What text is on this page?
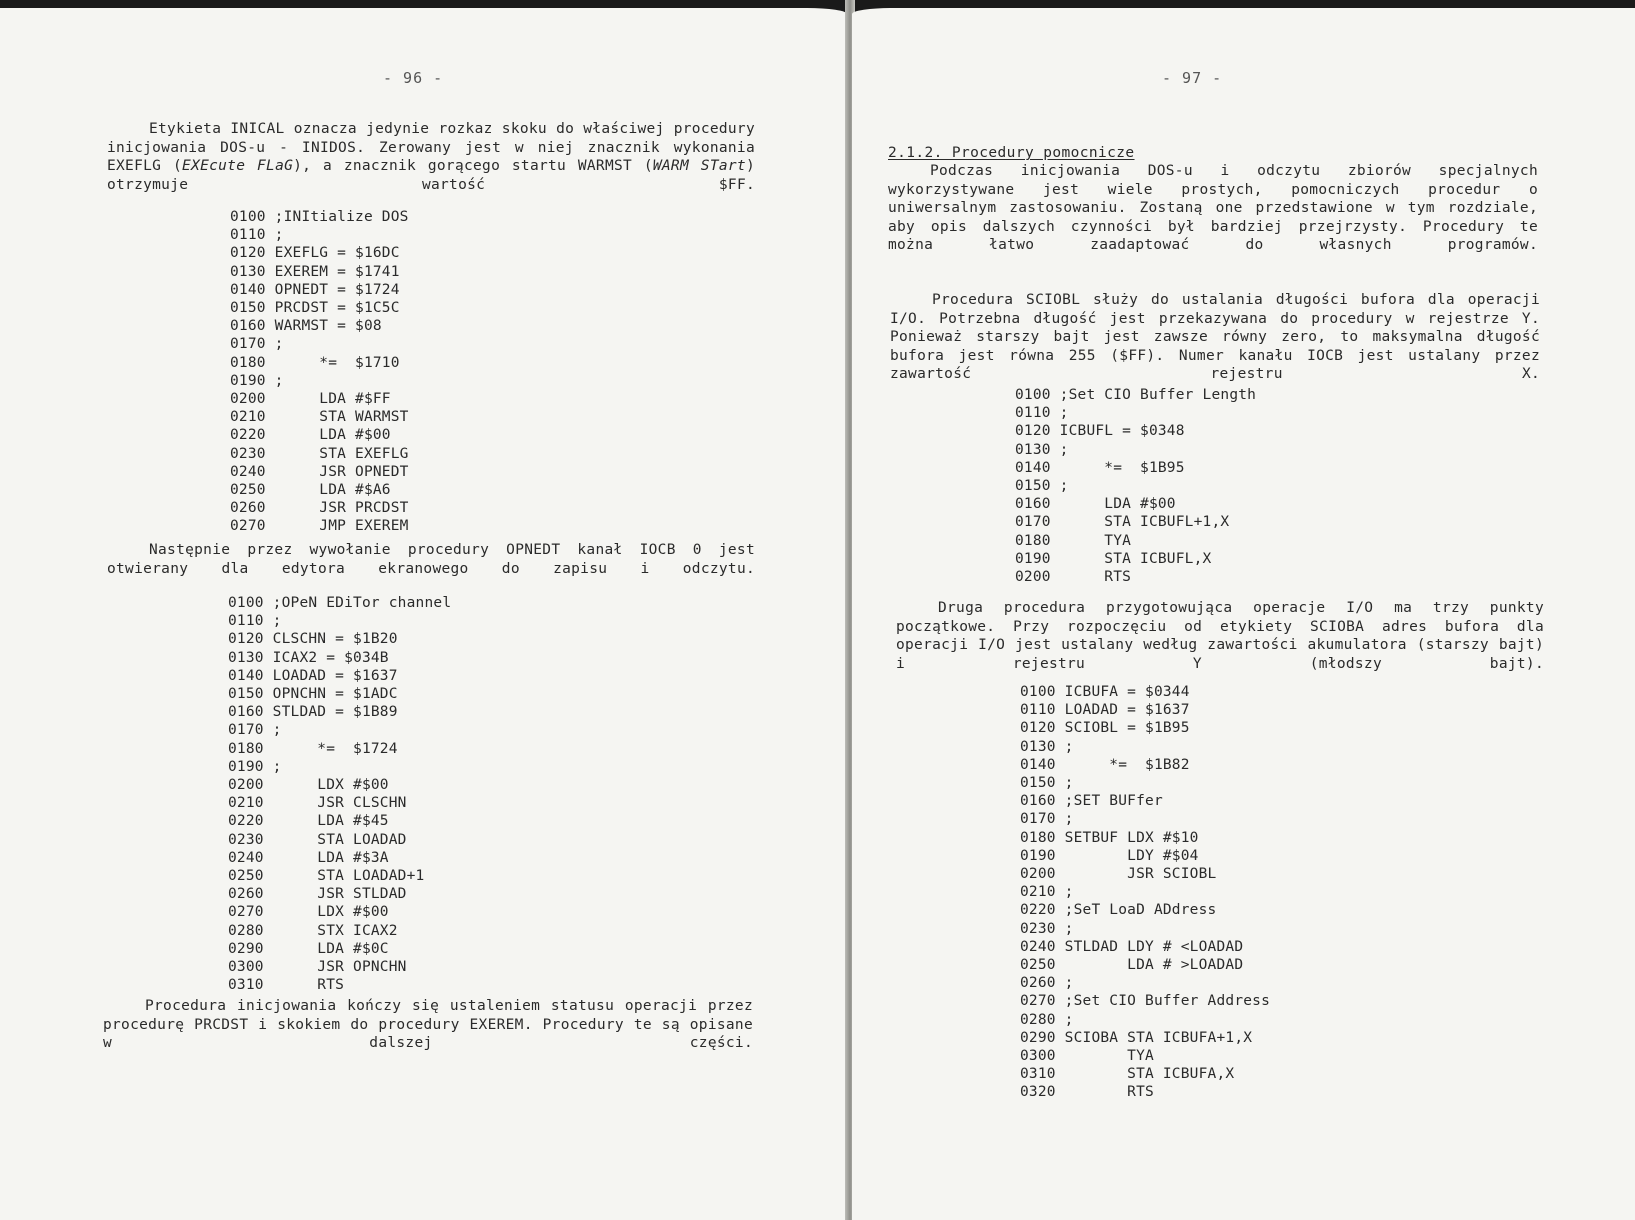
- 96 -

Etykieta INICAL oznacza jedynie rozkaz skoku do właściwej procedury inicjowania DOS-u - INIDOS. Zerowany jest w niej znacznik wykonania EXEFLG (EXEcute FLaG), a znacznik gorącego startu WARMST (WARM STart) otrzymuje wartość $FF.

0100 ;INItialize DOS
0110 ;
0120 EXEFLG = $16DC
0130 EXEREM = $1741
0140 OPNEDT = $1724
0150 PRCDST = $1C5C
0160 WARMST = $08
0170 ;
0180      *=  $1710
0190 ;
0200      LDA #$FF
0210      STA WARMST
0220      LDA #$00
0230      STA EXEFLG
0240      JSR OPNEDT
0250      LDA #$A6
0260      JSR PRCDST
0270      JMP EXEREM

Następnie przez wywołanie procedury OPNEDT kanał IOCB 0 jest otwierany dla edytora ekranowego do zapisu i odczytu.

0100 ;OPeN EDiTor channel
0110 ;
0120 CLSCHN = $1B20
0130 ICAX2 = $034B
0140 LOADAD = $1637
0150 OPNCHN = $1ADC
0160 STLDAD = $1B89
0170 ;
0180      *=  $1724
0190 ;
0200      LDX #$00
0210      JSR CLSCHN
0220      LDA #$45
0230      STA LOADAD
0240      LDA #$3A
0250      STA LOADAD+1
0260      JSR STLDAD
0270      LDX #$00
0280      STX ICAX2
0290      LDA #$0C
0300      JSR OPNCHN
0310      RTS

Procedura inicjowania kończy się ustaleniem statusu operacji przez procedurę PRCDST i skokiem do procedury EXEREM. Procedury te są opisane w dalszej części.

- 97 -
2.1.2. Procedury pomocnicze

Podczas inicjowania DOS-u i odczytu zbiorów specjalnych wykorzystywane jest wiele prostych, pomocniczych procedur o uniwersalnym zastosowaniu. Zostaną one przedstawione w tym rozdziale, aby opis dalszych czynności był bardziej przejrzysty. Procedury te można łatwo zaadaptować do własnych programów.

Procedura SCIOBL służy do ustalania długości bufora dla operacji I/O. Potrzebna długość jest przekazywana do procedury w rejestrze Y. Ponieważ starszy bajt jest zawsze równy zero, to maksymalna długość bufora jest równa 255 ($FF). Numer kanału IOCB jest ustalany przez zawartość rejestru X.

0100 ;Set CIO Buffer Length
0110 ;
0120 ICBUFL = $0348
0130 ;
0140      *=  $1B95
0150 ;
0160      LDA #$00
0170      STA ICBUFL+1,X
0180      TYA
0190      STA ICBUFL,X
0200      RTS

Druga procedura przygotowująca operacje I/O ma trzy punkty początkowe. Przy rozpoczęciu od etykiety SCIOBA adres bufora dla operacji I/O jest ustalany według zawartości akumulatora (starszy bajt) i rejestru Y (młodszy bajt).

0100 ICBUFA = $0344
0110 LOADAD = $1637
0120 SCIOBL = $1B95
0130 ;
0140      *=  $1B82
0150 ;
0160 ;SET BUFfer
0170 ;
0180 SETBUF LDX #$10
0190        LDY #$04
0200        JSR SCIOBL
0210 ;
0220 ;SeT LoaD ADdress
0230 ;
0240 STLDAD LDY # <LOADAD
0250        LDA # >LOADAD
0260 ;
0270 ;Set CIO Buffer Address
0280 ;
0290 SCIOBA STA ICBUFA+1,X
0300        TYA
0310        STA ICBUFA,X
0320        RTS
